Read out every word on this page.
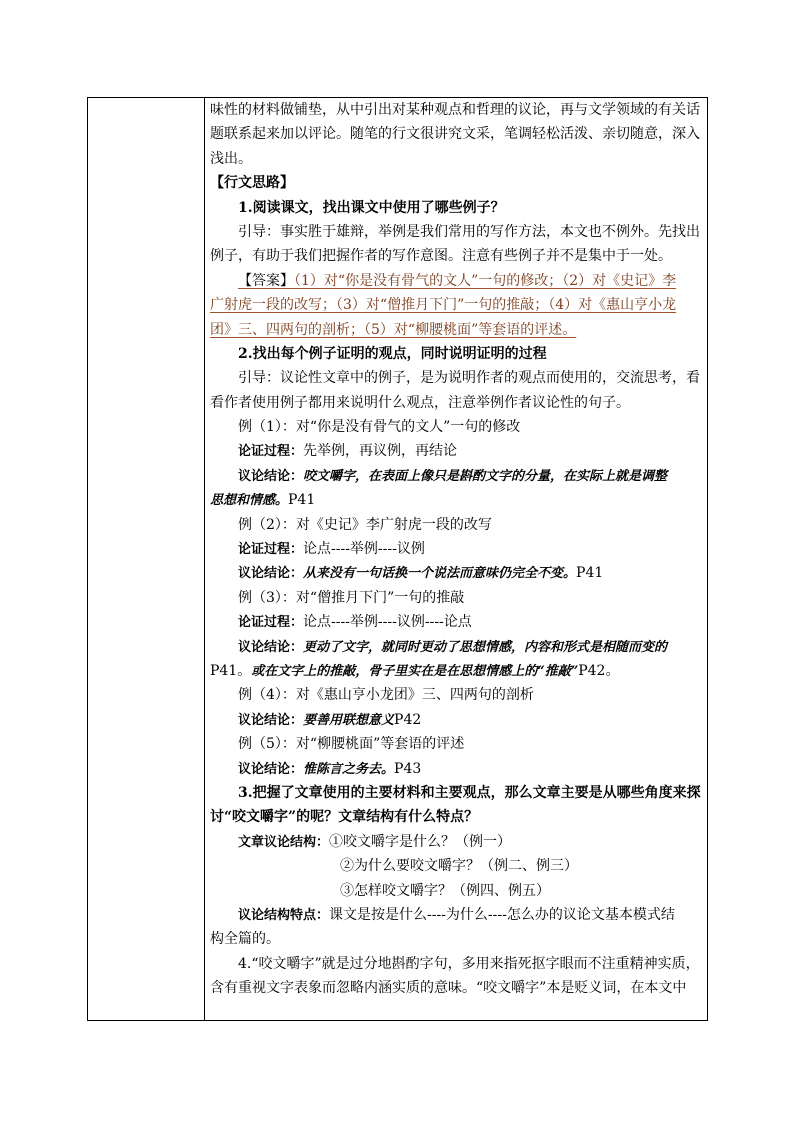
味性的材料做铺垫，从中引出对某种观点和哲理的议论，再与文学领域的有关话
题联系起来加以评论。随笔的行文很讲究文采，笔调轻松活泼、亲切随意，深入
浅出。
【行文思路】
1.阅读课文，找出课文中使用了哪些例子？
引导：事实胜于雄辩，举例是我们常用的写作方法，本文也不例外。先找出
例子，有助于我们把握作者的写作意图。注意有些例子并不是集中于一处。
【答案】（1）对“你是没有骨气的文人”一句的修改；（2）对《史记》李
广射虎一段的改写；（3）对“僧推月下门”一句的推敲；（4）对《惠山亨小龙
团》三、四两句的剖析；（5）对“柳腰桃面”等套语的评述。
2.找出每个例子证明的观点，同时说明证明的过程
引导：议论性文章中的例子，是为说明作者的观点而使用的，交流思考，看
看作者使用例子都用来说明什么观点，注意举例作者议论性的句子。
例（1）：对“你是没有骨气的文人”一句的修改
论证过程：先举例，再议例，再结论
议论结论：咬文嚼字，在表面上像只是斟酌文字的分量，在实际上就是调整
思想和情感。P41
例（2）：对《史记》李广射虎一段的改写
论证过程：论点----举例----议例
议论结论：从来没有一句话换一个说法而意味仍完全不变。P41
例（3）：对“僧推月下门”一句的推敲
论证过程：论点----举例----议例----论点
议论结论：更动了文字，就同时更动了思想情感，内容和形式是相随而变的
P41。或在文字上的推敲，骨子里实在是在思想情感上的“推敲”P42。
例（4）：对《惠山亨小龙团》三、四两句的剖析
议论结论：要善用联想意义P42
例（5）：对“柳腰桃面”等套语的评述
议论结论：惟陈言之务去。P43
3.把握了文章使用的主要材料和主要观点，那么文章主要是从哪些角度来探
讨“咬文嚼字”的呢？文章结构有什么特点？
文章议论结构：①咬文嚼字是什么？（例一）
②为什么要咬文嚼字？（例二、例三）
③怎样咬文嚼字？（例四、例五）
议论结构特点：课文是按是什么----为什么----怎么办的议论文基本模式结
构全篇的。
4.“咬文嚼字”就是过分地斟酌字句，多用来指死抠字眼而不注重精神实质，
含有重视文字表象而忽略内涵实质的意味。“咬文嚼字”本是贬义词，在本文中
